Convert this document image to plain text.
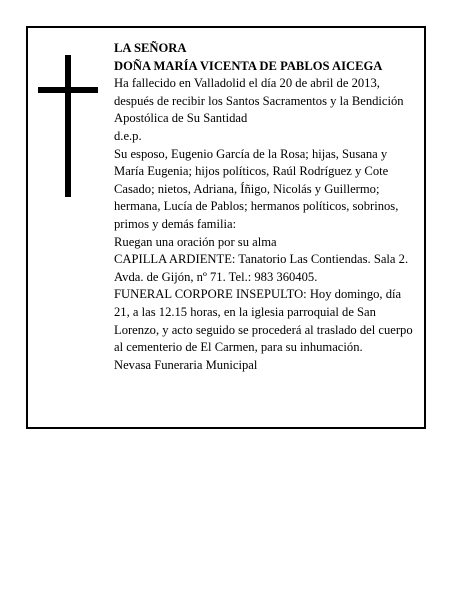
LA SEÑORA

DOÑA MARÍA VICENTA DE PABLOS AICEGA

Ha fallecido en Valladolid el día 20 de abril de 2013, después de recibir los Santos Sacramentos y la Bendición Apostólica de Su Santidad

d.e.p.

Su esposo, Eugenio García de la Rosa; hijas, Susana y María Eugenia; hijos políticos, Raúl Rodríguez y Cote Casado; nietos, Adriana, Íñigo, Nicolás y Guillermo; hermana, Lucía de Pablos; hermanos políticos, sobrinos, primos y demás familia:

Ruegan una oración por su alma

CAPILLA ARDIENTE: Tanatorio Las Contiendas. Sala 2. Avda. de Gijón, nº 71. Tel.: 983 360405.

FUNERAL CORPORE INSEPULTO: Hoy domingo, día 21, a las 12.15 horas, en la iglesia parroquial de San Lorenzo, y acto seguido se procederá al traslado del cuerpo al cementerio de El Carmen, para su inhumación.

Nevasa Funeraria Municipal
